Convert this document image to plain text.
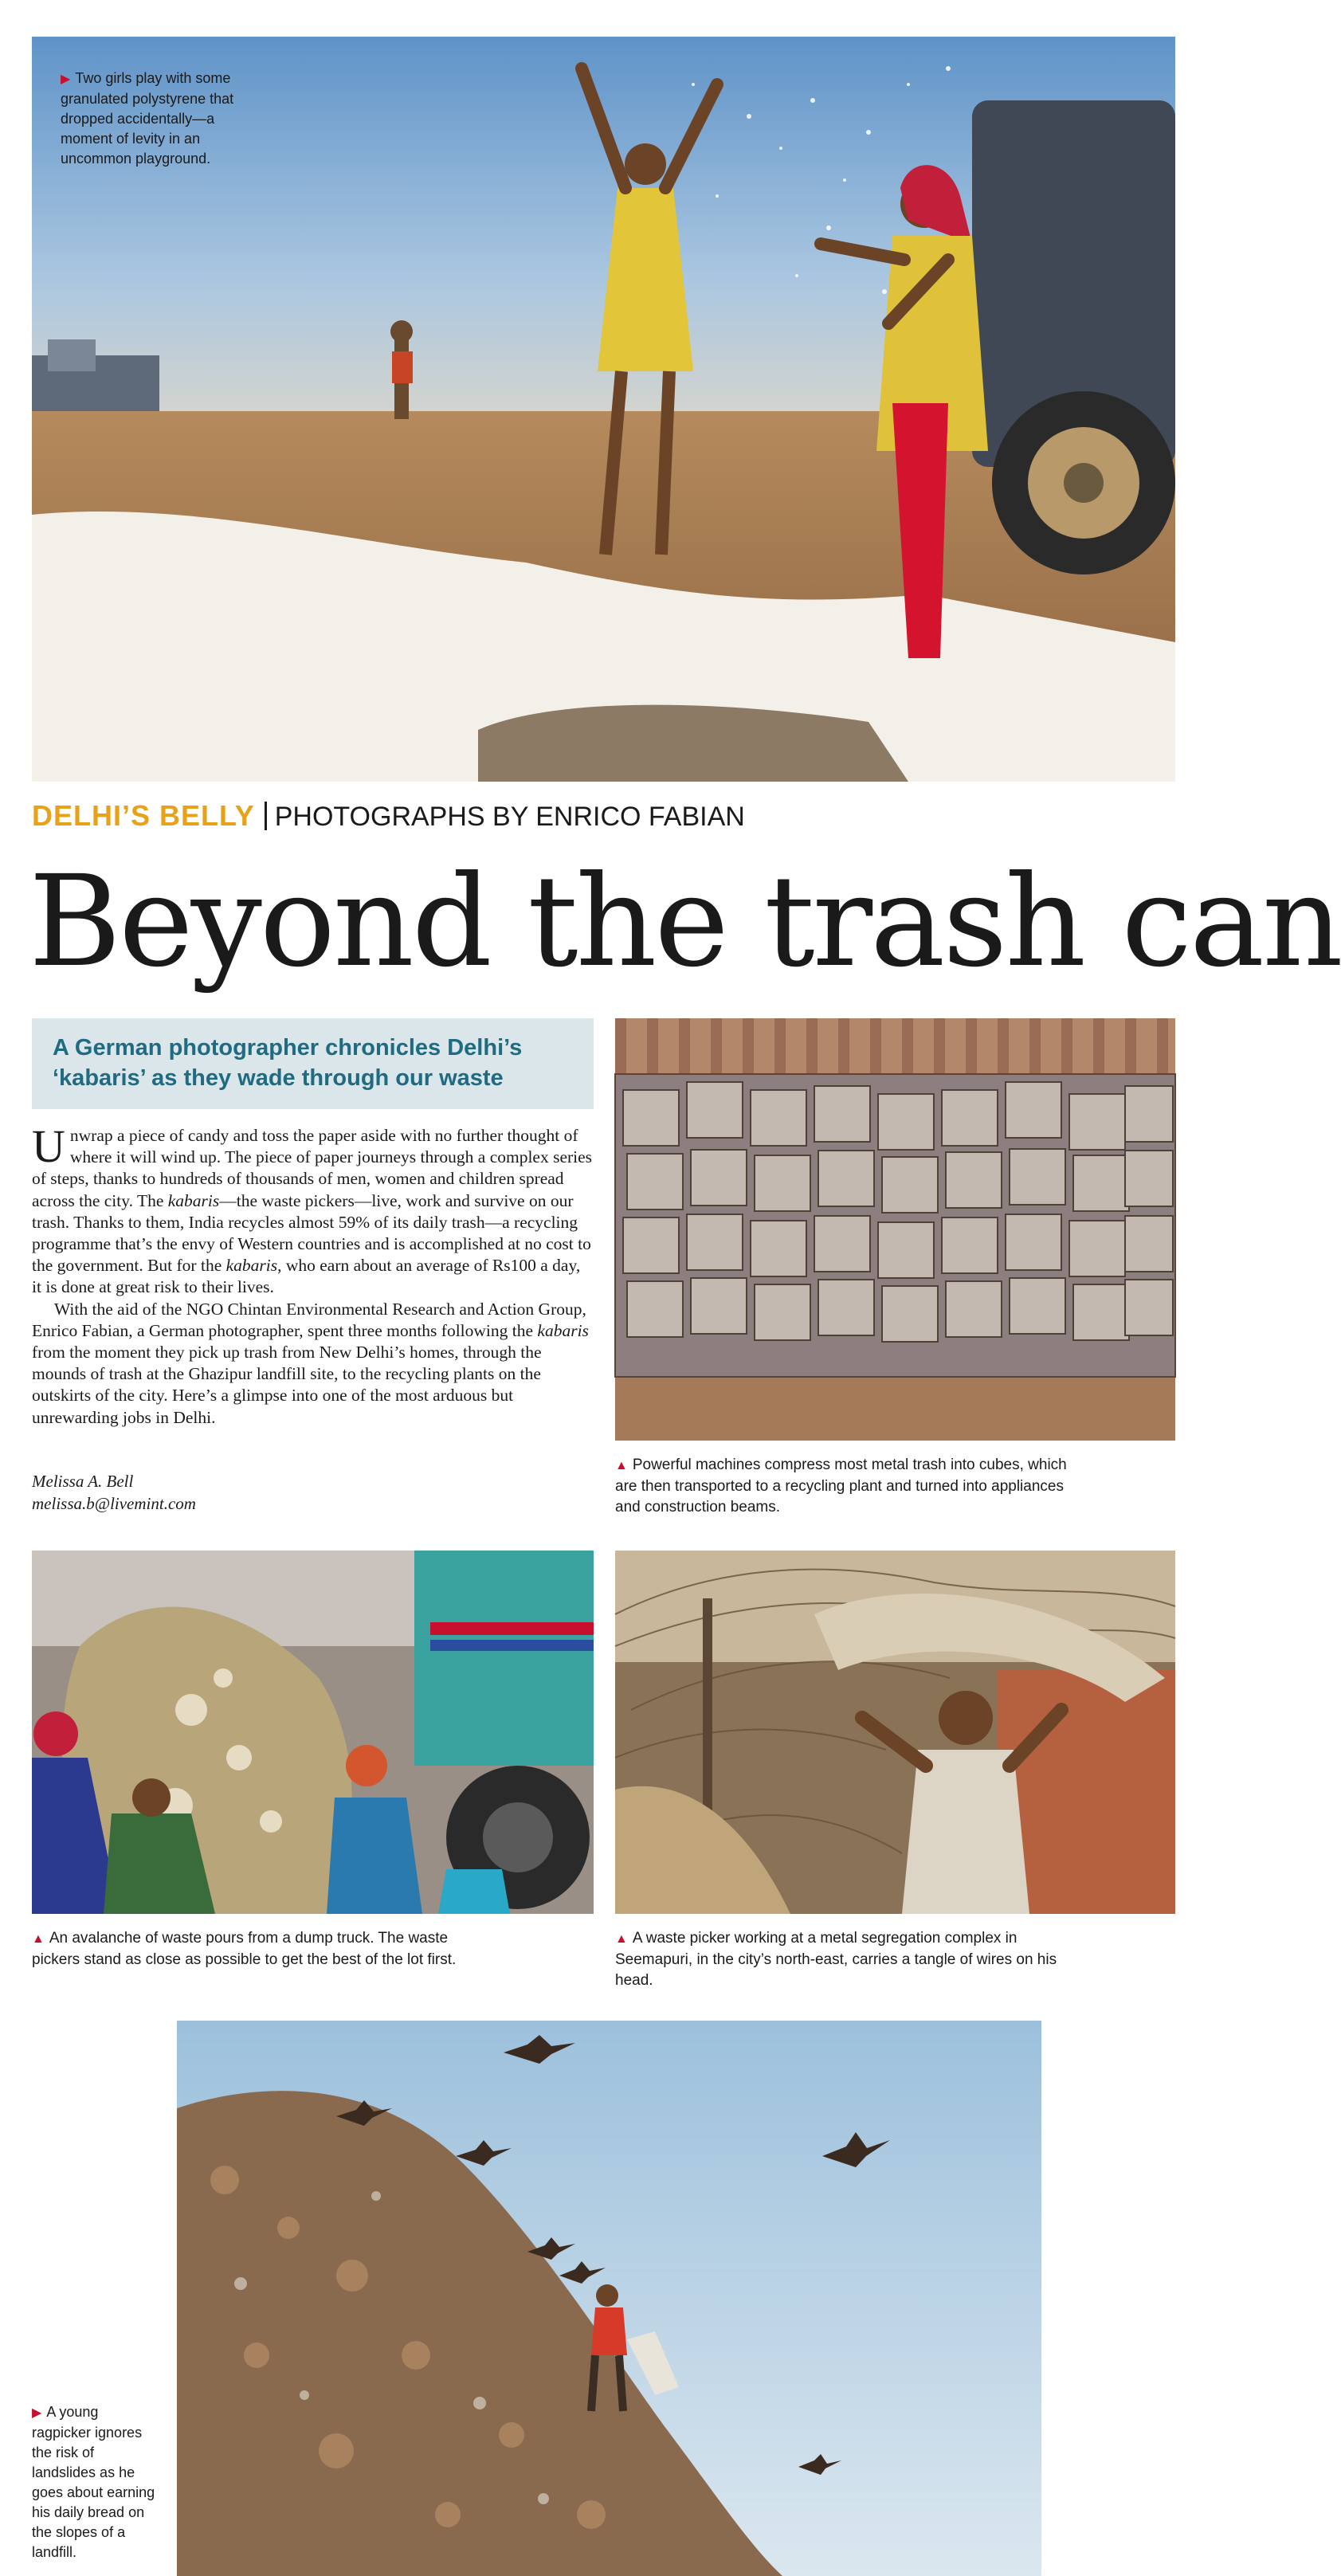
▶ Two girls play with some granulated polystyrene that dropped accidentally—a moment of levity in an uncommon playground.
DELHI’S BELLY PHOTOGRAPHS BY ENRICO FABIAN
Beyond the trash can
A German photographer chronicles Delhi’s ‘kabaris’ as they wade through our waste

Unwrap a piece of candy and toss the paper aside with no further thought of where it will wind up. The piece of paper journeys through a complex series of steps, thanks to hundreds of thousands of men, women and children spread across the city. The kabaris—the waste pickers—live, work and survive on our trash. Thanks to them, India recycles almost 59% of its daily trash—a recycling programme that’s the envy of Western countries and is accomplished at no cost to the government. But for the kabaris, who earn about an average of Rs100 a day, it is done at great risk to their lives.

With the aid of the NGO Chintan Environmental Research and Action Group, Enrico Fabian, a German photographer, spent three months following the kabaris from the moment they pick up trash from New Delhi’s homes, through the mounds of trash at the Ghazipur landfill site, to the recycling plants on the outskirts of the city. Here’s a glimpse into one of the most arduous but unrewarding jobs in Delhi.

Melissa A. Bell
melissa.b@livemint.com
▲ Powerful machines compress most metal trash into cubes, which are then transported to a recycling plant and turned into appliances and construction beams.
▲ An avalanche of waste pours from a dump truck. The waste pickers stand as close as possible to get the best of the lot first.
▲ A waste picker working at a metal segregation complex in Seemapuri, in the city’s north-east, carries a tangle of wires on his head.
▶ A young ragpicker ignores the risk of landslides as he goes about earning his daily bread on the slopes of a landfill.
